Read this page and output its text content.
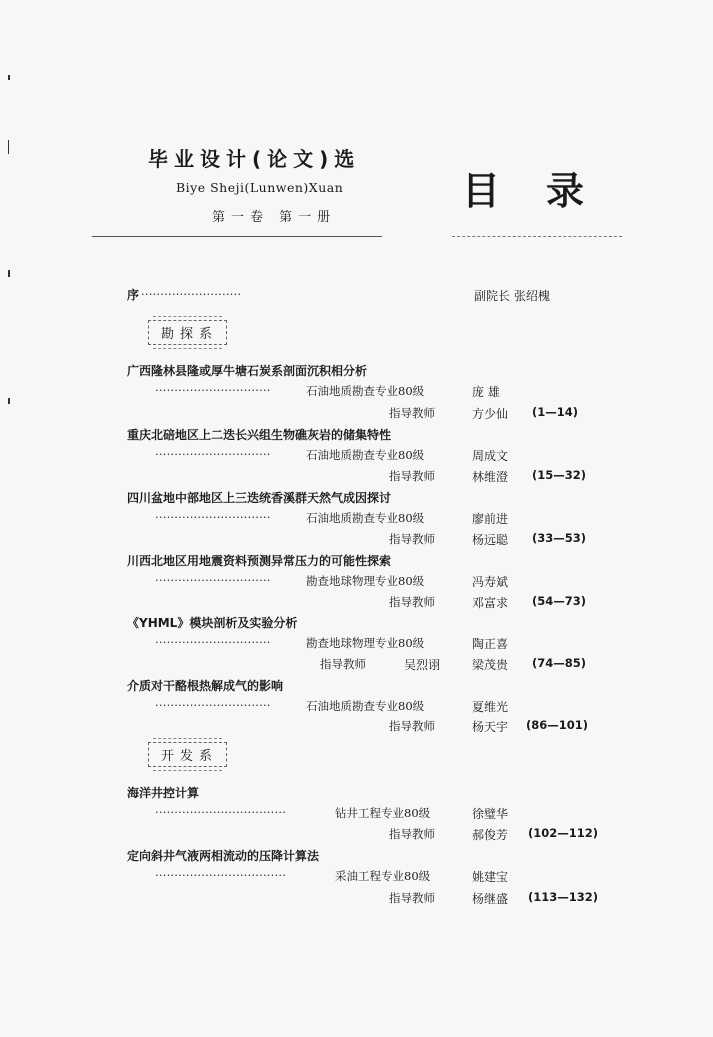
毕业设计(论文)选
Biye Sheji(Lunwen)Xuan
第一卷 第一册
目录
序 ··························	副院长 张绍槐
勘探系
广西隆林县隆或厚牛塘石炭系剖面沉积相分析
······························	石油地质勘查专业80级	庞 雄
指导教师	方少仙 (1—14)
重庆北碚地区上二迭长兴组生物礁灰岩的储集特性
······························	石油地质勘查专业80级	周成文
指导教师	林维澄 (15—32)
四川盆地中部地区上三迭统香溪群天然气成因探讨
······························	石油地质勘查专业80级	廖前进
指导教师	杨远聪 (33—53)
川西北地区用地震资料预测异常压力的可能性探索
······························	勘查地球物理专业80级	冯寿斌
指导教师	邓富求 (54—73)
《YHML》模块剖析及实验分析
······························	勘查地球物理专业80级	陶正喜
指导教师	吴烈诩	梁茂贵 (74—85)
介质对干酪根热解成气的影响
······························	石油地质勘查专业80级	夏维光
指导教师	杨天宇 (86—101)
开发系
海洋井控计算
··································	钻井工程专业80级	徐璧华
指导教师	郝俊芳 (102—112)
定向斜井气液两相流动的压降计算法
··································	采油工程专业80级	姚建宝
指导教师	杨继盛 (113—132)
